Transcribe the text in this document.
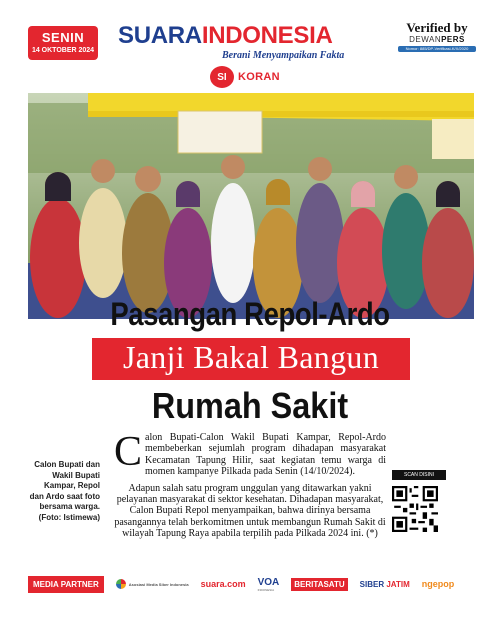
SENIN
14 OKTOBER 2024
SUARAINDONESIA
Berani Menyampaikan Fakta
Verified by
DEWANPERS
Nomor: 885/DP-Verifikasi-K/X/2020
SI	KORAN
Pasangan Repol-Ardo
Janji Bakal Bangun
Rumah Sakit
Calon Bupati dan Wakil Bupati Kampar, Repol dan Ardo saat foto bersama warga. (Foto: Istimewa)

Calon Bupati-Calon Wakil Bupati Kampar, Repol-Ardo membeberkan sejumlah program dihadapan masyarakat Kecamatan Tapung Hilir, saat kegiatan temu warga di momen kampanye Pilkada pada Senin (14/10/2024).

Adapun salah satu program unggulan yang ditawarkan yakni pelayanan masyarakat di sektor kesehatan. Dihadapan masyarakat, Calon Bupati Repol menyampaikan, bahwa dirinya bersama pasangannya telah berkomitmen untuk membangun Rumah Sakit di wilayah Tapung Raya apabila terpilih pada Pilkada 2024 ini. (*)

SCAN DISINI
MEDIA PARTNER	Asosiasi Media Siber Indonesia suara.com VOA
INDONESIA
BERITASATU	SIBER JATIM ngepop
